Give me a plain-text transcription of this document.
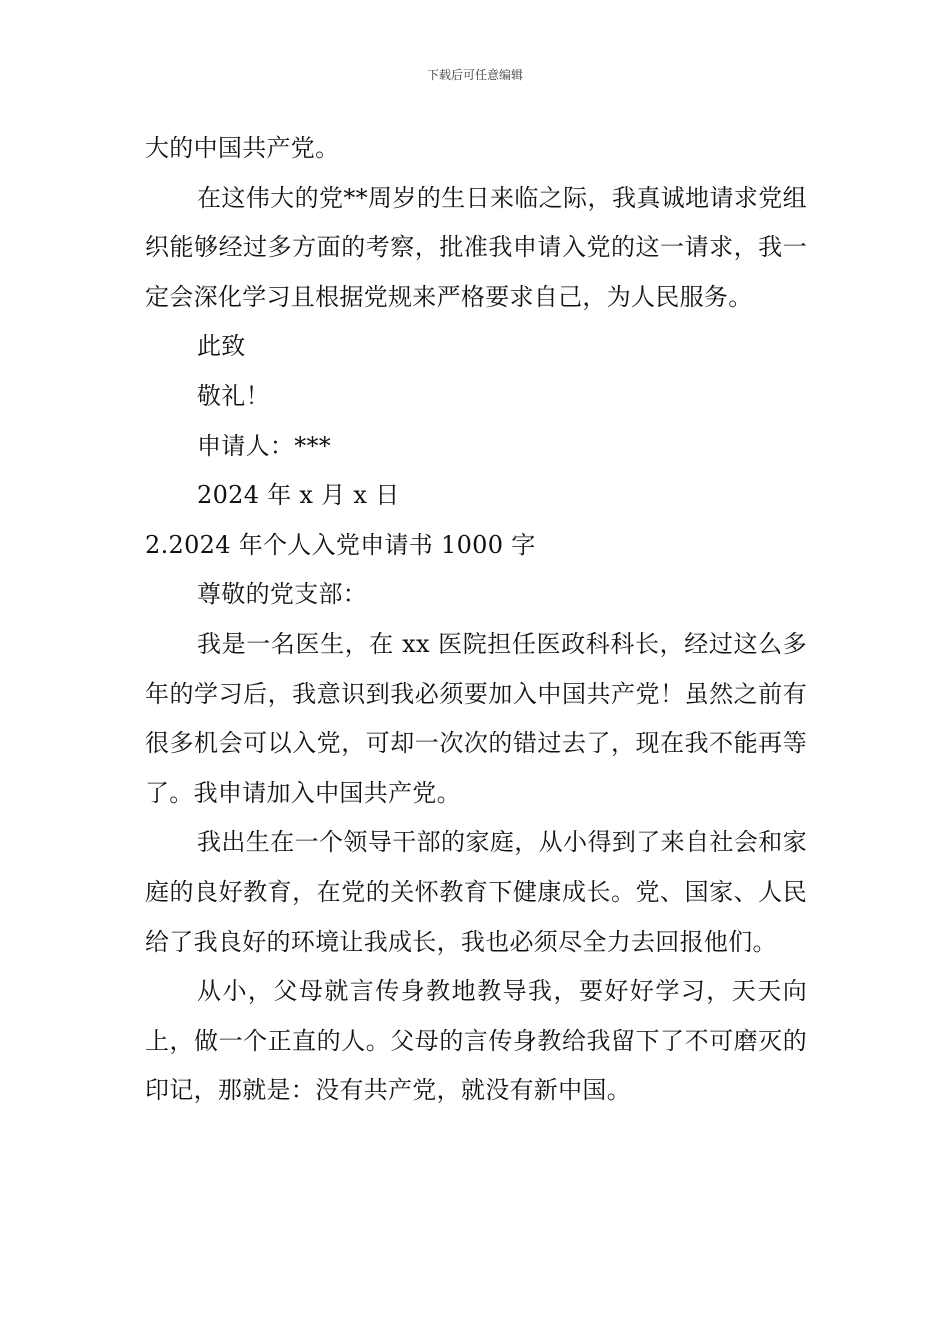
下载后可任意编辑

大的中国共产党。

在这伟大的党**周岁的生日来临之际，我真诚地请求党组织能够经过多方面的考察，批准我申请入党的这一请求，我一定会深化学习且根据党规来严格要求自己，为人民服务。

此致

敬礼！

申请人：***

2024 年 x 月 x 日

2.2024 年个人入党申请书 1000 字

尊敬的党支部：

我是一名医生，在 xx 医院担任医政科科长，经过这么多年的学习后，我意识到我必须要加入中国共产党！虽然之前有很多机会可以入党，可却一次次的错过去了，现在我不能再等了。我申请加入中国共产党。

我出生在一个领导干部的家庭，从小得到了来自社会和家庭的良好教育，在党的关怀教育下健康成长。党、国家、人民给了我良好的环境让我成长，我也必须尽全力去回报他们。

从小，父母就言传身教地教导我，要好好学习，天天向上，做一个正直的人。父母的言传身教给我留下了不可磨灭的印记，那就是：没有共产党，就没有新中国。
